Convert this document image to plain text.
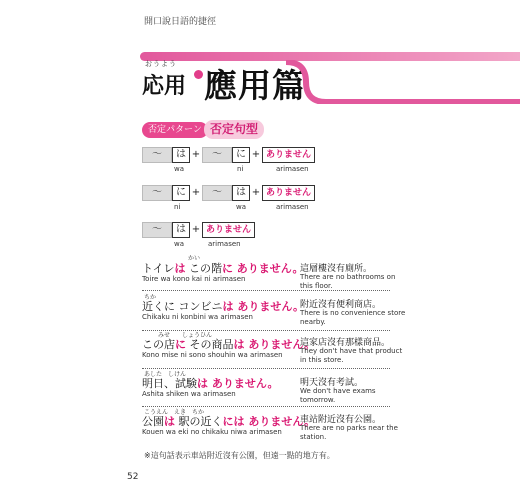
開口說日語的捷徑
おうよう
応用 應用篇
否定パターン 否定句型
〜 は + 〜 に + ありません
wa	ni	arimasen
〜 に + 〜 は + ありません
ni	wa	arimasen
〜 は + ありません
wa	arimasen
かい
トイレは この階に ありません。
Toire wa kono kai ni arimasen
這層樓沒有廁所。
There are no bathrooms on this floor.
ちか
近くに コンビニは ありません。
Chikaku ni konbini wa arimasen
附近沒有便利商店。
There is no convenience store nearby.
みせ　　しょうひん
この店に その商品は ありません。
Kono mise ni sono shouhin wa arimasen
這家店沒有那樣商品。
They don't have that product in this store.
あした　しけん
明日、試験は ありません。
Ashita shiken wa arimasen
明天沒有考試。
We don't have exams tomorrow.
こうえん　えき　ちか
公園は 駅の近くには ありません。
Kouen wa eki no chikaku niwa arimasen
車站附近沒有公園。
There are no parks near the station.
※這句話表示車站附近沒有公園，但遠一點的地方有。
52
